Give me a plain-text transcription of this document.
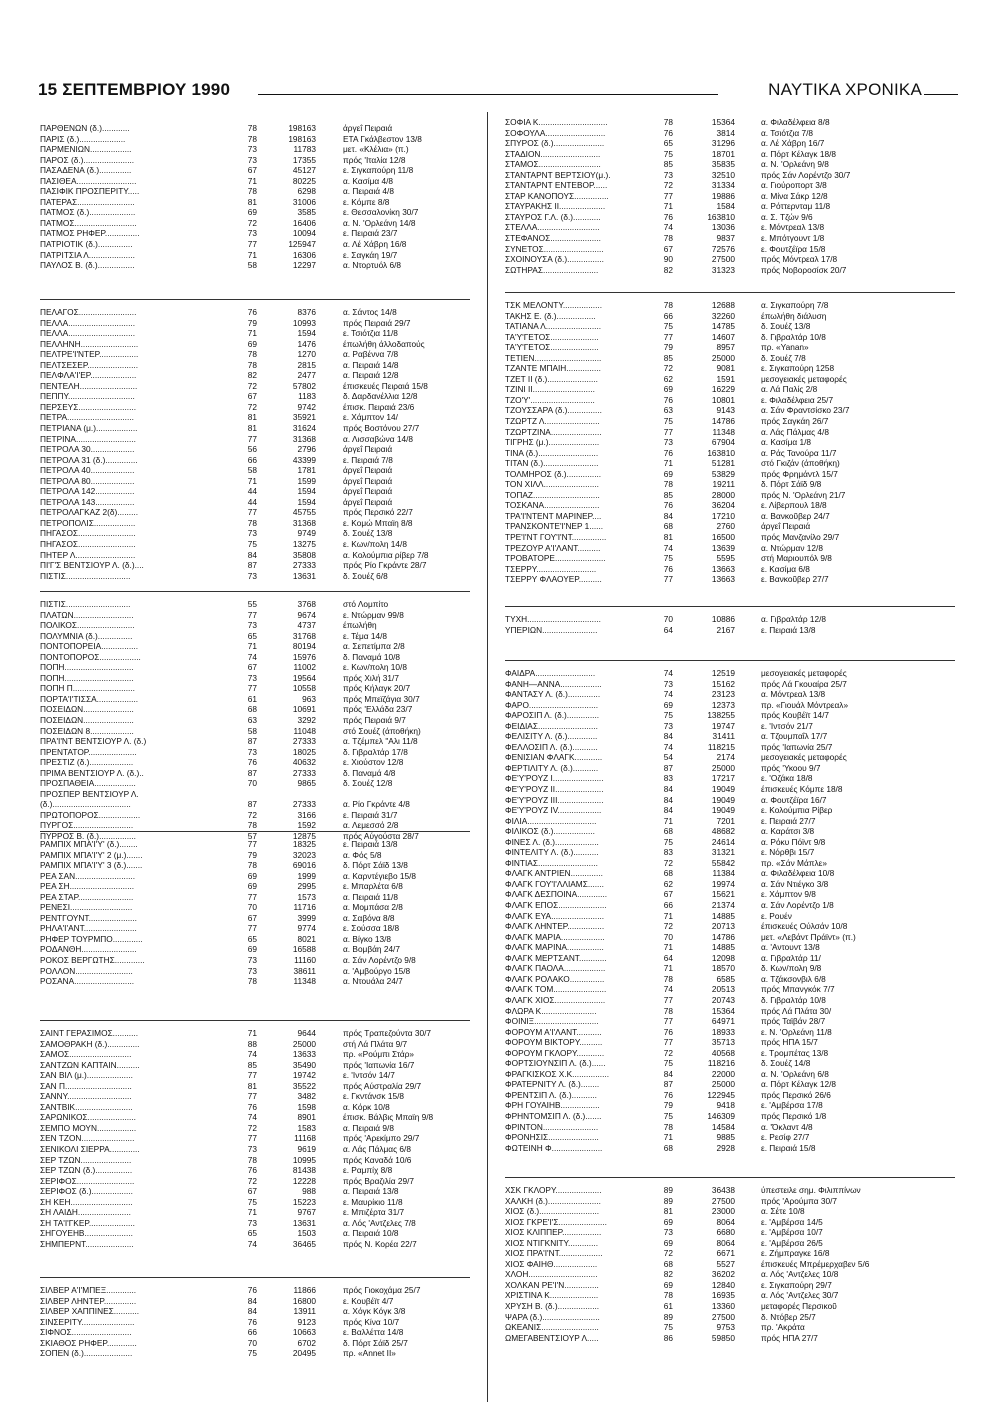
15 ΣΕΠΤΕΜΒΡΙΟΥ 1990	ΝΑΥΤΙΚΑ ΧΡΟΝΙΚΑ
ΠΑΡΘΕΝΩΝ (δ.)............	78	198163	άργεΐ Πειραιά
ΠΑΡΙΣ (δ.)....................	78	198163	ΕΤΑ Γκάλβεστον 13/8
ΠΑΡΜΕΝΙΩΝ..................	73	11783	μετ. «Κλέλια» (π.)
ΠΑΡΟΣ (δ.)......................	73	17355	πρός 'Ιταλία 12/8
ΠΑΣΑΔΕΝΑ (δ.)..............	67	45127	ε. Σιγκαπούρη 11/8
ΠΑΣΙΘΕΑ..........................	71	80225	α. Κασίμα 4/8
ΠΑΣΙΦΙΚ ΠΡΟΣΠΕΡΙΤΥ.....	78	6298	α. Πειραιά 4/8
ΠΑΤΕΡΑΣ.........................	81	31006	ε. Κόμπε 8/8
ΠΑΤΜΟΣ (δ.)....................	69	3585	ε. Θεσσαλονίκη 30/7
ΠΑΤΜΟΣ...........................	72	16406	α. Ν. 'Ορλεάνη 14/8
ΠΑΤΜΟΣ ΡΗΦΕΡ...............	73	10094	ε. Πειραιά 23/7
ΠΑΤΡΙΟΤΙΚ (δ.)...............	77	125947	α. Λέ Χάβρη 16/8
ΠΑΤΡΙΤΣΙΑ Λ....................	71	16306	ε. Σαγκάη 19/7
ΠΑΥΛΟΣ Β. (δ.)................	58	12297	α. Ντορτυόλ 6/8
ΠΕΛΑΓΟΣ.........................	76	8376	α. Σάντος 14/8
ΠΕΛΛΑ.............................	79	10993	πρός Πειραιά 29/7
ΠΕΛΛΑ.............................	71	1594	ε. Τσιότζια 11/8
ΠΕΛΛΗΝΗ.........................	69	1476	έπωλήθη άλλοδαπούς
ΠΕΛΤΡΕ'Ι'ΝΤΕΡ.................	78	1270	α. Ραβέννα 7/8
ΠΕΛΤΣΕΣΕΡ......................	78	2815	α. Πειραιά 14/8
ΠΕΛΦΛΑ'Ι'ΕΡ....................	82	2477	α. Πειραιά 12/8
ΠΕΝΤΕΛΗ.........................	72	57802	έπισκευές Πειραιά 15/8
ΠΕΠΠΥ.............................	67	1183	δ. Δαρδανέλλια 12/8
ΠΕΡΣΕΥΣ.........................	72	9742	έπισκ. Πειραιά 23/6
ΠΕΤΡΑ.............................	81	35921	ε. Χάμπτον 14/
ΠΕΤΡΙΑΝΑ (μ.)..................	81	31624	πρός Βοστόνου 27/7
ΠΕΤΡΙΝΑ..........................	77	31368	α. Λισσαβώνα 14/8
ΠΕΤΡΟΛΑ 30...................	56	2796	άργεΐ Πειραιά
ΠΕΤΡΟΛΑ 31 (δ.)..............	66	43399	ε. Πειραιά 7/8
ΠΕΤΡΟΛΑ 40...................	58	1781	άργεΐ Πειραιά
ΠΕΤΡΟΛΑ 80...................	71	1599	άργεΐ Πειραιά
ΠΕΤΡΟΛΑ 142.................	44	1594	άργεΐ Πειραιά
ΠΕΤΡΟΛΑ 143.................	44	1594	άργεΐ Πειραιά
ΠΕΤΡΟΛΑΓΚΑΖ 2(δ).........	77	45755	πρός Περσικό 22/7
ΠΕΤΡΟΠΟΛΙΣ..................	78	31368	ε. Κομώ Μπαϊη 8/8
ΠΗΓΑΣΟΣ.........................	73	9749	δ. Σουέζ 13/8
ΠΗΓΑΣΟΣ.........................	75	13275	ε. Κων/πολη 14/8
ΠΗΤΕΡ Λ..........................	84	35808	α. Κολούμπια ρίβερ 7/8
ΠΙ'Γ'Σ ΒΕΝΤΣΙΟΥΡ Λ. (δ.)....	87	27333	πρός Ρίο Γκράντε 28/7
ΠΙΣΤΙΣ............................	73	13631	δ. Σουέζ 6/8
ΠΙΣΤΙΣ............................	55	3768	στό Λομπίτο
ΠΛΑΤΩΝ..........................	77	9674	ε. Ντώρμαν 99/8
ΠΟΛΙΚΟΣ.........................	73	4737	έπωλήθη
ΠΟΛΥΜΝΙΑ (δ.)...............	65	31768	ε. Τέμα 14/8
ΠΟΝΤΟΠΟΡΕΙΑ................	71	80194	α. Σεπετίμπα 2/8
ΠΟΝΤΟΠΟΡΟΣ..................	74	15976	δ. Παναμά 10/8
ΠΟΠΗ..............................	67	11002	ε. Κων/πολη 10/8
ΠΟΠΗ..............................	73	19564	πρός Χιλή 31/7
ΠΟΠΗ Π...........................	77	10558	πρός Κήλαγκ 20/7
ΠΟΡΤΑ'Ι'ΤΙΣΣΑ..................	61	963	πρός Μπεϊζάγια 30/7
ΠΟΣΕΙΔΩΝ......................	68	10691	πρός 'Ελλάδα 23/7
ΠΟΣΕΙΔΩΝ......................	63	3292	πρός Πειραιά 9/7
ΠΟΣΕΙΔΩΝ 8...................	58	11048	στό Σουέζ (άποθήκη)
ΠΡΑ'Ι'ΝΤ ΒΕΝΤΣΙΟΥΡ Λ. (δ.)	87	27333	α. Τζέμπελ "Αλι 11/8
ΠΡΕΝΤΑΤΟΡ.....................	73	18025	δ. Γιβραλτάρ 17/8
ΠΡΕΣΤΙΖ (δ.)...................	76	40632	ε. Χιούστον 12/8
ΠΡΙΜΑ ΒΕΝΤΣΙΟΥΡ Λ. (δ.)..	87	27333	δ. Παναμά 4/8
ΠΡΟΣΠΑΘΕΙΑ..................	70	9865	δ. Σουέζ 12/8
ΠΡΟΣΠΕΡ ΒΕΝΤΣΙΟΥΡ Λ.
(δ.)..................................	87	27333	α. Ρίο Γκράντε 4/8
ΠΡΩΤΟΠΟΡΟΣ..................	72	3166	ε. Πειραιά 31/7
ΠΥΡΓΟΣ..........................	78	1592	α. Λεμεσσό 2/8
ΠΥΡΡΟΣ Β. (δ.)................	57	12875	πρός Αύγούστα 28/7
ΡΑΜΠΙΧ ΜΠΑ'Ι'Υ' (δ.)........	77	18325	ε. Πειραιά 13/8
ΡΑΜΠΙΧ ΜΠΑ'Ι'Υ' 2 (μ.).......	79	32023	α. Φός 5/8
ΡΑΜΠΙΧ ΜΠΑ'Ι'Υ' 3 (δ.).......	78	69016	δ. Πόρτ Σάϊδ 13/8
ΡΕΑ ΣΑΝ..........................	69	1999	α. Καρντέγιεβο 15/8
ΡΕΑ ΣΗ............................	69	2995	ε. Μπαρλέτα 6/8
ΡΕΑ ΣΤΑΡ........................	77	1573	α. Πειραιά 11/8
ΡΕΝΕΣΙ...........................	70	11716	α. Μομπάσα 2/8
ΡΕΝΤΓΟΥΝΤ.....................	67	3999	α. Σαβόνα 8/8
ΡΗΛΑ'Ι'ΑΝΤ.......................	77	9774	ε. Σούσσα 18/8
ΡΗΦΕΡ ΤΟΥΡΜΠΟ.............	65	8021	α. Βίγκο 13/8
ΡΟΔΑΝΘΗ........................	69	16588	α. Βομβάη 24/7
ΡΟΚΟΣ ΒΕΡΓΩΤΗΣ.............	73	11160	α. Σάν Λορέντζο 9/8
ΡΟΛΛΟΝ.........................	73	38611	α. 'Αμβούργο 15/8
ΡΟΣΑΝΑ..........................	78	11348	α. Ντουάλα 24/7
ΣΑΙΝΤ ΓΕΡΑΣΙΜΟΣ...........	71	9644	πρός Τραπεζούντα 30/7
ΣΑΜΟΘΡΑΚΗ (δ.)..............	88	25000	στή Λά Πλάτα 9/7
ΣΑΜΟΣ...........................	74	13633	πρ. «Ρούμπι Στάρ»
ΣΑΝΤΖΩΝ ΚΑΠΤΑΙΝ..........	85	35490	πρός 'Ιαπωνία 16/7
ΣΑΝ ΒΙΛ (μ.)....................	77	19742	ε. 'Ιντσόν 14/7
ΣΑΝ Π.............................	81	35522	πρός Αύστραλία 29/7
ΣΑΝΝΥ............................	77	3482	ε. Γκντάνσκ 15/8
ΣΑΝΤΒΙΚ.........................	76	1598	α. Κόρκ 10/8
ΣΑΡΩΝΙΚΟΣ.....................	74	8901	έπισκ. Βάλβις Μπαϊη 9/8
ΣΕΜΠΟ ΜΟΥΝ.................	72	1583	α. Πειραιά 9/8
ΣΕΝ ΤΖΟΝ.......................	77	11168	πρός 'Αρεκίμπο 29/7
ΣΕΝΙΚΟΛΙ ΣΙΕΡΡΑ.............	73	9619	α. Λάς Πάλμας 6/8
ΣΕΡ ΤΖΩΝ......................	78	10995	πρός Καναδά 10/6
ΣΕΡ ΤΖΩΝ (δ.)................	76	81438	ε. Ραμπίχ 8/8
ΣΕΡΙΦΟΣ.........................	72	12228	πρός Βραζιλία 29/7
ΣΕΡΙΦΟΣ (δ.)..................	67	988	α. Πειραιά 13/8
ΣΗ ΚΕΗ...........................	75	15223	ε. Μαυρίκιο 11/8
ΣΗ ΛΑΙΔΗ.......................	71	9767	ε. Μπιζέρτα 31/7
ΣΗ ΤΑ'Ι'ΓΚΕΡ....................	73	13631	α. Λός 'Αντζελες 7/8
ΣΗΓΟΥΕΗΒ.....................	65	1503	α. Πειραιά 10/8
ΣΗΜΠΕΡΝΤ.....................	74	36465	πρός Ν. Κορέα 22/7
ΣΙΛΒΕΡ Α'Ι'ΜΠΕΞ.............	76	11866	πρός Γιοκοχάμα 25/7
ΣΙΛΒΕΡ ΛΗΝΤΕΡ..............	84	16800	ε. Κουβέϊτ 4/7
ΣΙΛΒΕΡ ΧΑΠΠΙΝΕΣ...........	84	13911	α. Χόγκ Κόγκ 3/8
ΣΙΝΣΕΡΙΤΥ.......................	76	9123	πρός Κίνα 10/7
ΣΙΦΝΟΣ..........................	66	10663	ε. Βαλλέττα 14/8
ΣΚΙΑΘΟΣ ΡΗΦΕΡ.............	70	6702	δ. Πόρτ Σάϊδ 25/7
ΣΟΠΕΝ (δ.).....................	75	20495	πρ. «Annet II»
ΣΟΦΙΑ Κ..............................	78	15364	α. Φιλαδέλφεια 8/8
ΣΟΦΟΥΛΑ..........................	76	3814	α. Τσιότζια 7/8
ΣΠΥΡΟΣ (δ.)......................	65	31296	α. Λέ Χάβρη 16/7
ΣΤΑΔΙΟΝ..........................	75	18701	α. Πόρτ Κέλαγκ 18/8
ΣΤΑΜΟΣ...........................	85	35835	α. Ν. 'Ορλεάνη 9/8
ΣΤΑΝΤΑΡΝΤ ΒΕΡΤΣΙΟΥ(μ.).	73	32510	πρός Σάν Λορέντζο 30/7
ΣΤΑΝΤΑΡΝΤ ΕΝΤΕΒΟΡ......	72	31334	α. Γιούροπορτ 3/8
ΣΤΑΡ ΚΑΝΟΠΟΥΣ...............	77	19886	α. Μίνα Σάκρ 12/8
ΣΤΑΥΡΑΚΗΣ ΙΙ....................	71	1584	α. Ρόττερνταμ 11/8
ΣΤΑΥΡΟΣ Γ.Λ. (δ.)............	76	163810	α. Σ. Τζών 9/6
ΣΤΕΛΛΑ...........................	74	13036	ε. Μόντρεαλ 13/8
ΣΤΕΦΑΝΟΣ......................	78	9837	ε. Μπότγουντ 1/8
ΣΥΝΕΤΟΣ..........................	67	72576	ε. Φουτζέϊρα 15/8
ΣΧΟΙΝΟΥΣΑ (δ.)................	90	27500	πρός Μόντρεαλ 17/8
ΣΩΤΗΡΑΣ........................	82	31323	πρός Νοβοροσίσκ 20/7
ΤΣΚ ΜΕΛΟΝΤΥ.................	78	12688	α. Σιγκαπούρη 7/8
ΤΑΚΗΣ Ε. (δ.).................	66	32260	έπωλήθη διάλυση
ΤΑΤΙΑΝΑ Λ........................	75	14785	δ. Σουέζ 13/8
ΤΑ'Υ'ΓΕΤΟΣ.....................	77	14607	δ. Γιβραλτάρ 10/8
ΤΑ'Υ'ΓΕΤΟΣ.....................	79	8957	πρ. «Yanan»
ΤΕΤΙΕΝ.............................	85	25000	δ. Σουέζ 7/8
ΤΖΑΝΤΕ ΜΠΑΙΗ...............	72	9081	ε. Σιγκαπούρη 1258
ΤΖΕΤ ΙΙ (δ.)......................	62	1591	μεσογειακές μεταφορές
ΤΖΙΝΙ ΙΙ...........................	69	16229	α. Λά Παλίς 2/8
ΤΖΟ'Υ'............................	76	10801	ε. Φιλαδέλφεια 25/7
ΤΖΟΥΣΣΑΡΑ (δ.)...............	63	9143	α. Σάν Φραντσίσκο 23/7
ΤΖΩΡΤΖ Λ........................	75	14786	πρός Σαγκάη 26/7
ΤΖΩΡΤΖΙΝΑ......................	77	11348	α. Λάς Πάλμας 4/8
ΤΙΓΡΗΣ (μ.)......................	73	67904	α. Κασίμα 1/8
ΤΙΝΑ (δ.)..........................	76	163810	α. Ράς Τανούρα 11/7
ΤΙΤΑΝ (δ.)........................	71	51281	στό Γκιζάν (άποθήκη)
ΤΟΛΜΗΡΟΣ (δ.)...............	69	53829	πρός Φρημάντλ 15/7
ΤΟΝ ΧΙΛΛ........................	78	19211	δ. Πόρτ Σάϊδ 9/8
ΤΟΠΑΖ.............................	85	28000	πρός Ν. 'Ορλεάνη 21/7
ΤΟΣΚΑΝΑ........................	76	36204	ε. Λίβερπουλ 18/8
ΤΡΑ'Ι'ΝΤΕΝΤ ΜΑΡΙΝΕΡ....	84	17210	α. Βανκοῦβερ 24/7
ΤΡΑΝΣΚΟΝΤΕ'Ι'ΝΕΡ 1......	68	2760	άργεΐ Πειραιά
ΤΡΕ'Ι'ΝΤ ΓΟΥ'Ι'ΝΤ...............	81	16500	πρός Μανζανίλο 29/7
ΤΡΕΖΟΥΡ Α'Ι'ΛΑΝΤ..........	74	13639	α. Ντώρμαν 12/8
ΤΡΟΒΑΤΟΡΕ......................	75	5595	στή Μαριουπόλ 9/8
ΤΣΕΡΡΥ..........................	76	13663	ε. Κασίμα 6/8
ΤΣΕΡΡΥ ΦΛΑΟΥΕΡ..........	77	13663	ε. Βανκοῦβερ 27/7
ΤΥΧΗ................................	70	10886	α. Γιβραλτάρ 12/8
ΥΠΕΡΙΩΝ........................	64	2167	ε. Πειραιά 13/8
ΦΑΙΔΡΑ..........................	74	12519	μεσογειακές μεταφορές
ΦΑΝΗ—ΑΝΝΑ..................	73	15162	πρός Λά Γκουαίρα 25/7
ΦΑΝΤΑΣΥ Λ. (δ.)..............	74	23123	α. Μόντρεαλ 13/8
ΦΑΡΟ..............................	69	12373	πρ. «Γιουάλ Μόντρεαλ»
ΦΑΡΟΣΙΠ Λ. (δ.)..............	75	138255	πρός Κουβέϊτ 14/7
ΦΕΙΔΙΑΣ..........................	73	19747	ε. 'Ιντσόν 21/7
ΦΕΛΙΣΙΤΥ Λ. (δ.).............	84	31411	α. Τζουμπαΐλ 17/7
ΦΕΛΛΟΣΙΠ Λ. (δ.)...........	74	118215	πρός 'Ιαπωνία 25/7
ΦΕΝΙΣΙΑΝ ΦΛΑΓΚ............	54	2174	μεσογειακές μεταφορές
ΦΕΡΤΙΛΙΤΥ Λ. (δ.)...........	87	25000	πρός 'Υκοου 9/7
ΦΕ'Υ'ΡΟΥΖ Ι......................	83	17217	ε. 'Οζάκα 18/8
ΦΕ'Υ'ΡΟΥΖ ΙΙ.....................	84	19049	έπισκευές Κόμπε 18/8
ΦΕ'Υ'ΡΟΥΖ ΙΙΙ....................	84	19049	α. Φουτζέϊρα 16/7
ΦΕ'Υ'ΡΟΥΖ ΙV...................	84	19049	ε. Κολούμπια Ρίβερ
ΦΙΛΙΑ..............................	71	7201	ε. Πειραιά 27/7
ΦΙΛΙΚΟΣ (δ.)..................	68	48682	α. Καράτσι 3/8
ΦΙΝΕΣ Λ. (δ.)...................	75	24614	α. Ρόκυ Πόϊντ 9/8
ΦΙΝΤΕΛΙΤΥ Λ. (δ.)...........	83	31321	ε. Νόρθβι 15/7
ΦΙΝΤΙΑΣ..........................	72	55842	πρ. «Σάν Μάπλε»
ΦΛΑΓΚ ΑΝΤΡΙΕΝ..............	68	11384	α. Φιλαδέλφεια 10/8
ΦΛΑΓΚ ΓΟΥ'Ι'ΛΛΙΑΜΣ.......	62	19974	α. Σάν Ντιέγκο 3/8
ΦΛΑΓΚ ΔΕΣΠΟΙΝΑ.............	67	15621	ε. Χάμπτον 9/8
ΦΛΑΓΚ ΕΠΟΣ.....................	66	21374	α. Σάν Λορέντζο 1/8
ΦΛΑΓΚ ΕΥΑ.......................	71	14885	ε. Ρουέν
ΦΛΑΓΚ ΛΗΝΤΕΡ................	72	20713	έπισκευές Ούλσάν 10/8
ΦΛΑΓΚ ΜΑΡΙΑ...................	70	14786	μετ. «Λεβάντ Πράϊντ» (π.)
ΦΛΑΓΚ ΜΑΡΙΝΑ................	71	14885	α. 'Αντουντ 13/8
ΦΛΑΓΚ ΜΕΡΤΣΑΝΤ............	64	12098	α. Γιβραλτάρ 11/
ΦΛΑΓΚ ΠΑΟΛΑ..................	71	18570	δ. Κων/πολη 9/8
ΦΛΑΓΚ ΡΟΛΑΚΟ...............	78	6585	α. Τζάκσονβιλ 6/8
ΦΛΑΓΚ ΤΟΜ.......................	74	20513	πρός Μπανγκόκ 7/7
ΦΛΑΓΚ ΧΙΟΣ......................	77	20743	δ. Γιβραλτάρ 10/8
ΦΛΩΡΑ Κ........................	78	15364	πρός Λά Πλάτα 30/
ΦΟΙΝΙΞ............................	77	64971	πρός Ταϊβάν 28/7
ΦΟΡΟΥΜ Α'Ι'ΛΑΝΤ...........	76	18933	ε. Ν. 'Ορλεάνη 11/8
ΦΟΡΟΥΜ ΒΙΚΤΟΡΥ..........	77	35713	πρός ΗΠΑ 15/7
ΦΟΡΟΥΜ ΓΚΛΟΡΥ............	72	40568	ε. Τρομπέτας 13/8
ΦΟΡΤΣΙΟΥΝΣΙΠ Λ. (δ.)......	75	118216	δ. Σουέζ 14/8
ΦΡΑΓΚΙΣΚΟΣ Χ.Κ................	84	22000	α. Ν. 'Ορλεάνη 6/8
ΦΡΑΤΕΡΝΙΤΥ Λ. (δ.)........	87	25000	α. Πόρτ Κέλαγκ 12/8
ΦΡΕΝΤΣΙΠ Λ. (δ.)...........	76	122945	πρός Περσικό 26/6
ΦΡΗ ΓΟΥΑΙΗΒ.................	79	9418	ε. 'Αμβέρσα 17/8
ΦΡΗΝΤΟΜΣΙΠ Λ. (δ.).......	75	146309	πρός Περσικό 1/8
ΦΡΙΝΤΟΝ........................	78	14584	α. 'Όκλαντ 4/8
ΦΡΟΝΗΣΙΣ......................	71	9885	ε. Ρεσίφ 27/7
ΦΩΤΕΙΝΗ Φ......................	68	2928	ε. Πειραιά 15/8
ΧΣΚ ΓΚΛΟΡΥ....................	89	36438	ύπεστειλε σημ. Φιλιππίνων
ΧΑΛΚΗ (δ.).......................	89	27500	πρός 'Αρούμπα 30/7
ΧΙΟΣ (δ.)..........................	81	23000	α. Σέτε 10/8
ΧΙΟΣ ΓΚΡΕ'Ι'Σ.....................	69	8064	ε. 'Αμβέρσα 14/5
ΧΙΟΣ ΚΛΙΠΠΕΡ.................	73	6680	ε. 'Αμβέρσα 10/7
ΧΙΟΣ ΝΤΙΓΚΝΙΤΥ.............	69	8064	ε. 'Αμβέρσα 26/5
ΧΙΟΣ ΠΡΑ'Ι'ΝΤ...................	72	6671	ε. Ζήμπραγκε 16/8
ΧΙΟΣ ΦΑΙΗΘ...................	68	5527	έπισκευές Μπρέμερχαβεν 5/6
ΧΛΟΗ..............................	82	36202	α. Λός 'Αντζελες 10/8
ΧΟΛΚΑΝ ΡΕ'Ι'Ν...............	69	12840	ε. Σιγκαπούρη 29/7
ΧΡΙΣΤΙΝΑ Κ.....................	78	16935	α. Λός 'Αντζελες 30/7
ΧΡΥΣΗ Β. (δ.)..................	61	13360	μεταφορές Περσικοῦ
ΨΑΡΑ (δ.).........................	89	27500	δ. Ντόβερ 25/7
ΩΚΕΑΝΙΣ.........................	75	9753	πρ. 'Ακράτα
ΩΜΕΓΑΒΕΝΤΣΙΟΥΡ Λ.....	86	59850	πρός ΗΠΑ 27/7
